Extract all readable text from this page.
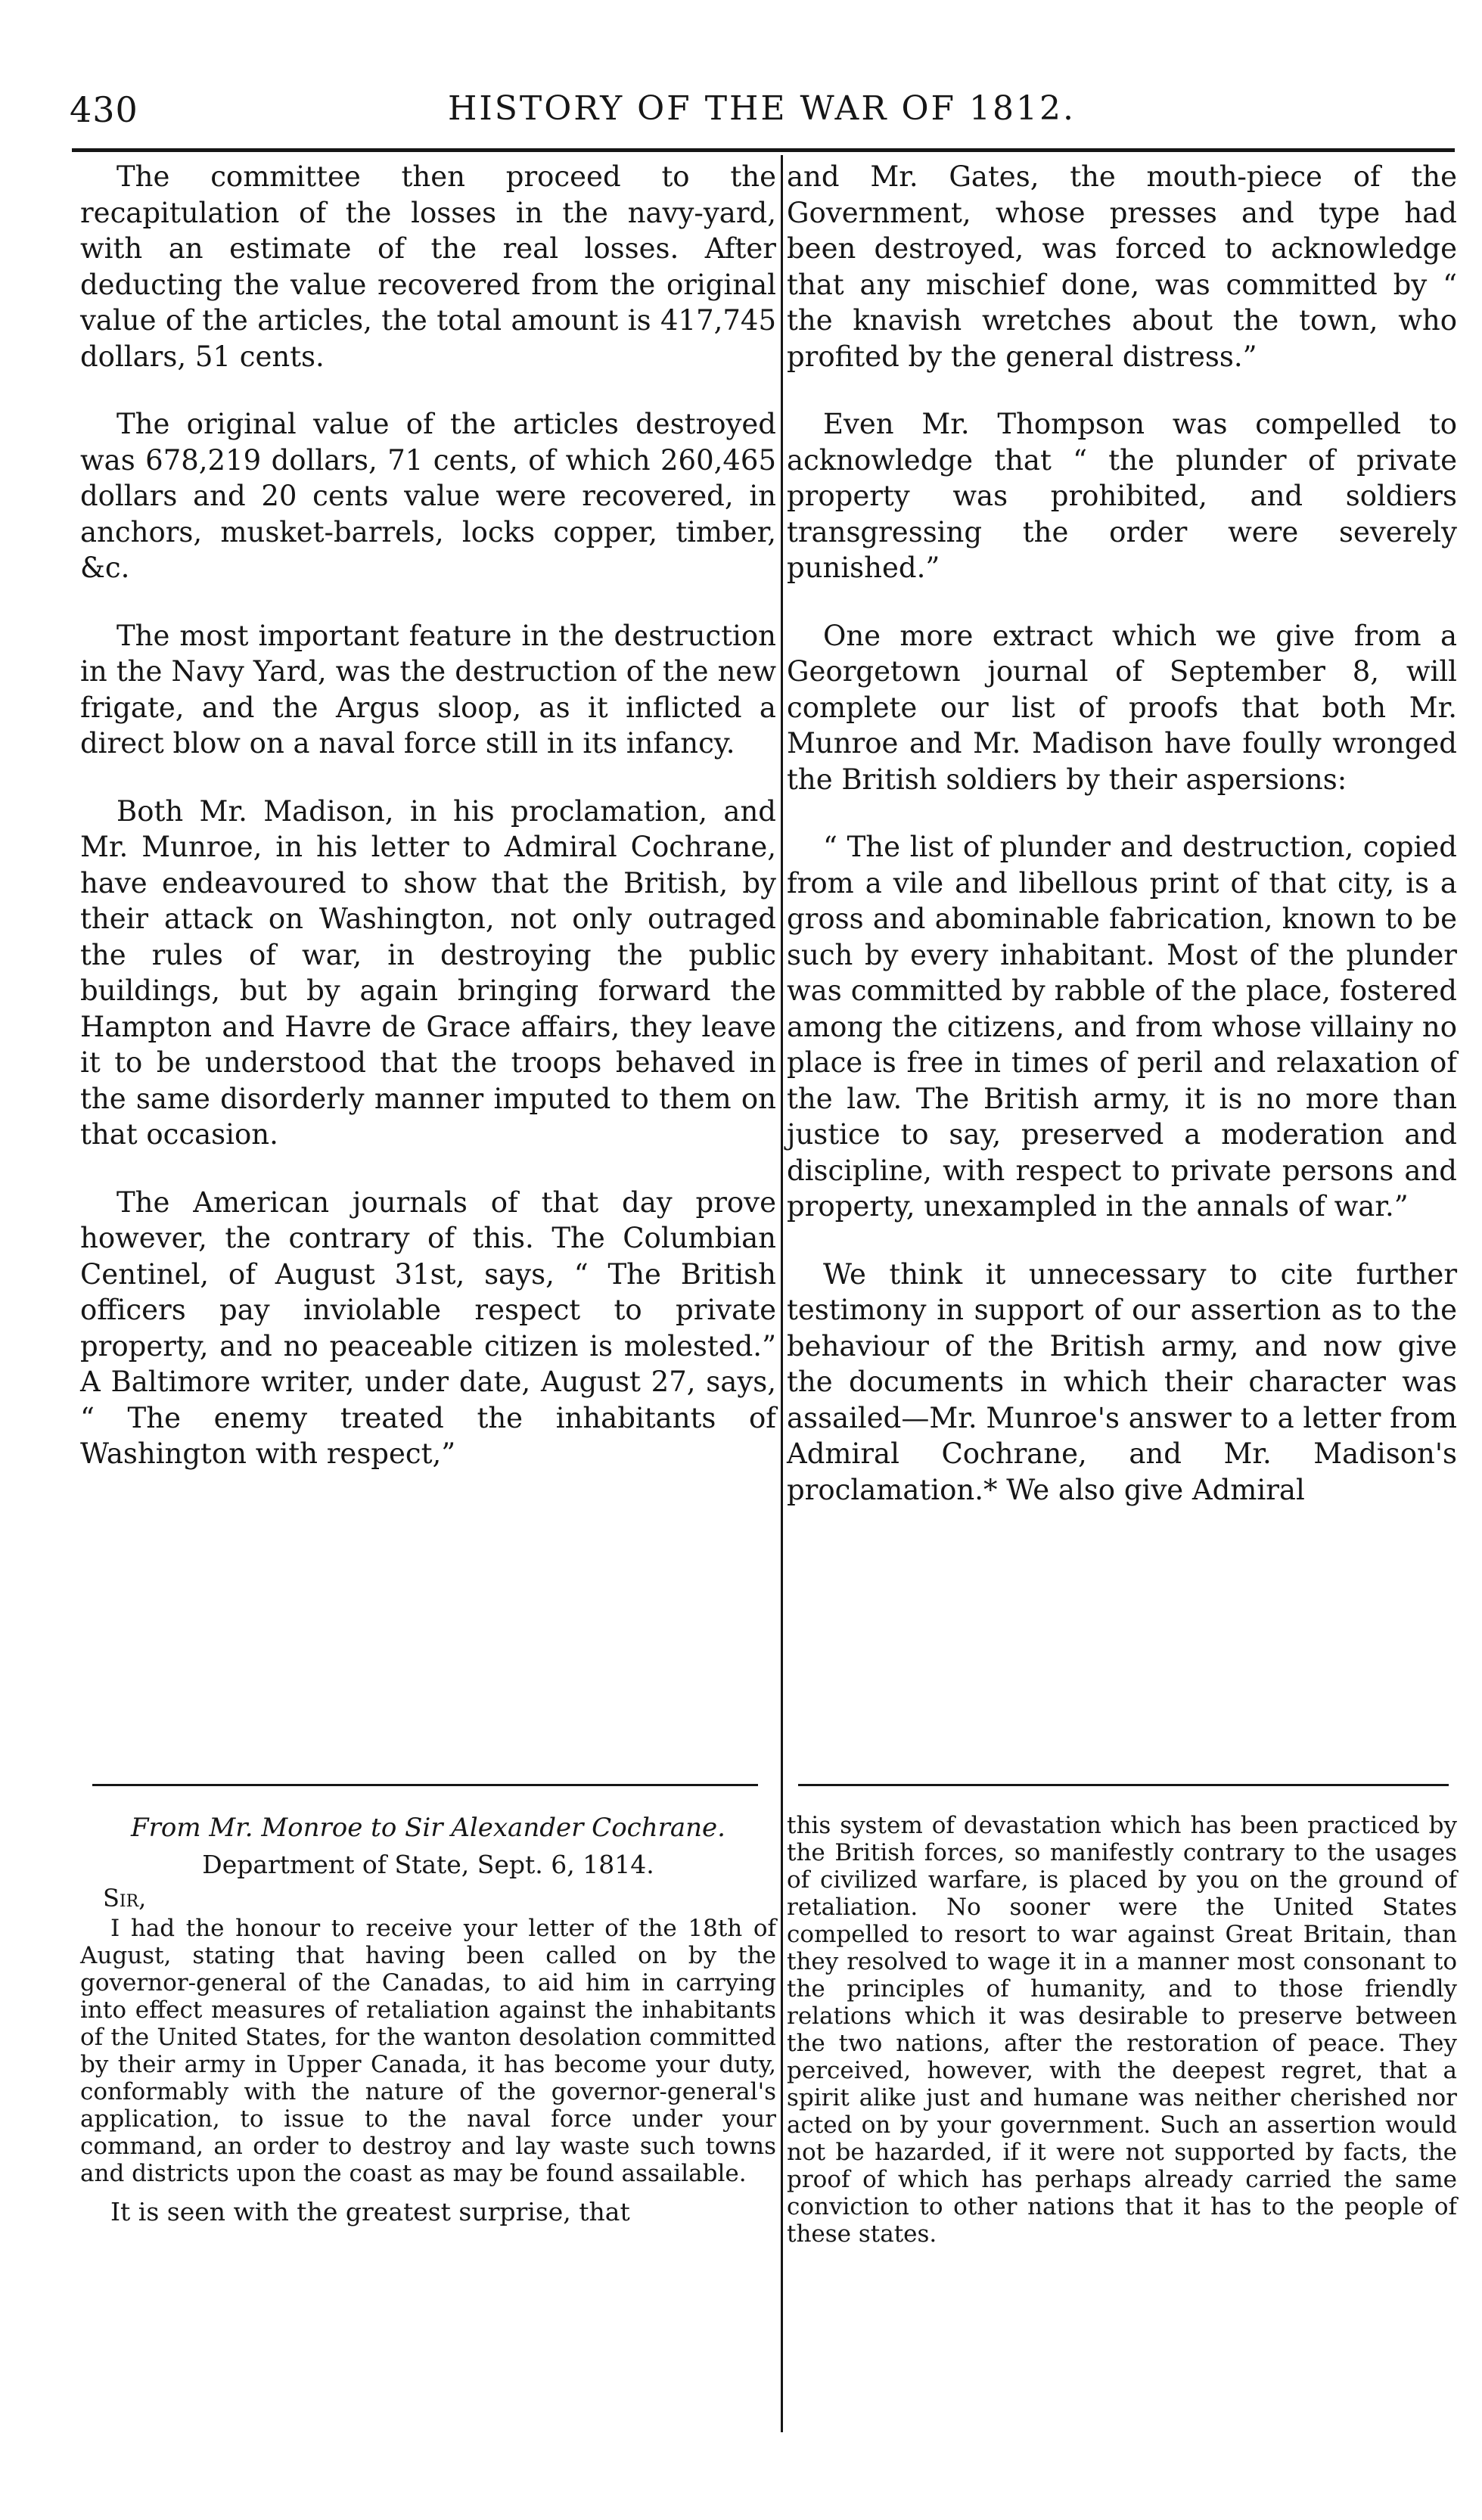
430	HISTORY OF THE WAR OF 1812.

The committee then proceed to the recapitulation of the losses in the navy-yard, with an estimate of the real losses. After deducting the value recovered from the original value of the articles, the total amount is 417,745 dollars, 51 cents.

The original value of the articles destroyed was 678,219 dollars, 71 cents, of which 260,465 dollars and 20 cents value were recovered, in anchors, musket-barrels, locks copper, timber, &c.

The most important feature in the destruction in the Navy Yard, was the destruction of the new frigate, and the Argus sloop, as it inflicted a direct blow on a naval force still in its infancy.

Both Mr. Madison, in his proclamation, and Mr. Munroe, in his letter to Admiral Cochrane, have endeavoured to show that the British, by their attack on Washington, not only outraged the rules of war, in destroying the public buildings, but by again bringing forward the Hampton and Havre de Grace affairs, they leave it to be understood that the troops behaved in the same disorderly manner imputed to them on that occasion.

The American journals of that day prove however, the contrary of this. The Columbian Centinel, of August 31st, says, “ The British officers pay inviolable respect to private property, and no peaceable citizen is molested.” A Baltimore writer, under date, August 27, says, “ The enemy treated the inhabitants of Washington with respect,”

and Mr. Gates, the mouth-piece of the Government, whose presses and type had been destroyed, was forced to acknowledge that any mischief done, was committed by “ the knavish wretches about the town, who profited by the general distress.”

Even Mr. Thompson was compelled to acknowledge that “ the plunder of private property was prohibited, and soldiers transgressing the order were severely punished.”

One more extract which we give from a Georgetown journal of September 8, will complete our list of proofs that both Mr. Munroe and Mr. Madison have foully wronged the British soldiers by their aspersions:

“ The list of plunder and destruction, copied from a vile and libellous print of that city, is a gross and abominable fabrication, known to be such by every inhabitant. Most of the plunder was committed by rabble of the place, fostered among the citizens, and from whose villainy no place is free in times of peril and relaxation of the law. The British army, it is no more than justice to say, preserved a moderation and discipline, with respect to private persons and property, unexampled in the annals of war.”

We think it unnecessary to cite further testimony in support of our assertion as to the behaviour of the British army, and now give the documents in which their character was assailed—Mr. Munroe's answer to a letter from Admiral Cochrane, and Mr. Madison's proclamation.* We also give Admiral

From Mr. Monroe to Sir Alexander Cochrane.
Department of State, Sept. 6, 1814.
Sir,

I had the honour to receive your letter of the 18th of August, stating that having been called on by the governor-general of the Canadas, to aid him in carrying into effect measures of retaliation against the inhabitants of the United States, for the wanton desolation committed by their army in Upper Canada, it has become your duty, conformably with the nature of the governor-general's application, to issue to the naval force under your command, an order to destroy and lay waste such towns and districts upon the coast as may be found assailable.

It is seen with the greatest surprise, that

this system of devastation which has been practiced by the British forces, so manifestly contrary to the usages of civilized warfare, is placed by you on the ground of retaliation. No sooner were the United States compelled to resort to war against Great Britain, than they resolved to wage it in a manner most consonant to the principles of humanity, and to those friendly relations which it was desirable to preserve between the two nations, after the restoration of peace. They perceived, however, with the deepest regret, that a spirit alike just and humane was neither cherished nor acted on by your government. Such an assertion would not be hazarded, if it were not supported by facts, the proof of which has perhaps already carried the same conviction to other nations that it has to the people of these states.
